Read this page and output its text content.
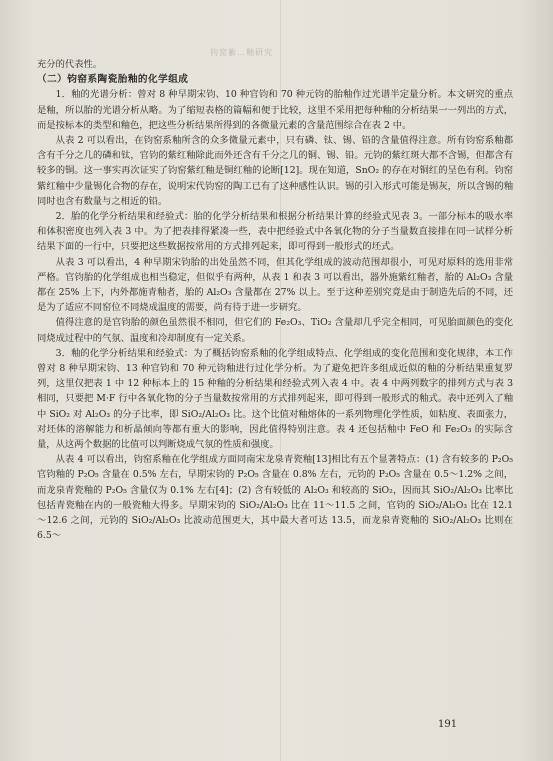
钧窑紫…釉研究

充分的代表性。

（二）钧窑系陶瓷胎釉的化学组成

1．釉的光谱分析：曾对 8 种早期宋钧、10 种官钧和 70 种元钧的胎釉作过光谱半定量分析。本文研究的重点是釉，所以胎的光谱分析从略。为了缩短表格的篇幅和便于比较，这里不采用把每种釉的分析结果一一列出的方式，而是按标本的类型和釉色，把这些分析结果所得到的各微量元素的含量范围综合在表 2 中。

从表 2 可以看出，在钧窑系釉所含的众多微量元素中，只有磷、钛、锡、铅的含量值得注意。所有钧窑系釉都含有千分之几的磷和钛，官钧的紫红釉除此而外还含有千分之几的铜、锡、铅。元钧的紫红斑大都不含锡，但都含有较多的铜。这一事实再次证实了钧窑紫红釉是铜红釉的论断[12]。现在知道，SnO₂ 的存在对铜红的呈色有利。钧窑紫红釉中少量锡化合物的存在，说明宋代钧窑的陶工已有了这种感性认识。锡的引入形式可能是锡灰，所以含锡的釉同时也含有数量与之相近的铅。

2．胎的化学分析结果和经验式：胎的化学分析结果和根据分析结果计算的经验式见表 3。一部分标本的吸水率和体积密度也列入表 3 中。为了把表排得紧凑一些，表中把经验式中各氧化物的分子当量数直接排在同一试样分析结果下面的一行中，只要把这些数据按常用的方式排列起来，即可得到一般形式的坯式。

从表 3 可以看出，4 种早期宋钧胎的出处虽然不同，但其化学组成的波动范围却很小，可见对原料的选用非常严格。官钧胎的化学组成也相当稳定，但似乎有两种，从表 1 和表 3 可以看出，器外施紫红釉者，胎的 Al₂O₃ 含量都在 25% 上下，内外都施青釉者，胎的 Al₂O₃ 含量都在 27% 以上。至于这种差别究竟是由于制造先后的不同，还是为了适应不同窑位不同烧成温度的需要，尚有待于进一步研究。

值得注意的是官钧胎的颜色虽然很不相同，但它们的 Fe₂O₃、TiO₂ 含量却几乎完全相同，可见胎面颜色的变化同烧成过程中的气氛、温度和冷却制度有一定关系。

3．釉的化学分析结果和经验式：为了概括钧窑系釉的化学组成特点、化学组成的变化范围和变化规律，本工作曾对 8 种早期宋钧、13 种官钧和 70 种元钧釉进行过化学分析。为了避免把许多组成近似的釉的分析结果重复罗列，这里仅把表 1 中 12 种标本上的 15 种釉的分析结果和经验式列入表 4 中。表 4 中两列数字的排列方式与表 3 相同，只要把 M·F 行中各氧化物的分子当量数按常用的方式排列起来，即可得到一般形式的釉式。表中还列入了釉中 SiO₂ 对 Al₂O₃ 的分子比率，即 SiO₂/Al₂O₃ 比。这个比值对釉熔体的一系列物理化学性质，如粘度、表面张力，对坯体的溶解能力和析晶倾向等都有重大的影响，因此值得特别注意。表 4 还包括釉中 FeO 和 Fe₂O₃ 的实际含量，从这两个数据的比值可以判断烧成气氛的性质和强度。

从表 4 可以看出，钧窑系釉在化学组成方面同南宋龙泉青瓷釉[13]相比有五个显著特点：(1) 含有较多的 P₂O₅ 官钧釉的 P₂O₅ 含量在 0.5% 左右，早期宋钧的 P₂O₅ 含量在 0.8% 左右，元钧的 P₂O₅ 含量在 0.5～1.2% 之间，而龙泉青瓷釉的 P₂O₅ 含量仅为 0.1% 左右[4]；(2) 含有较低的 Al₂O₃ 和较高的 SiO₂，因而其 SiO₂/Al₂O₃ 比率比包括青瓷釉在内的一般瓷釉大得多。早期宋钧的 SiO₂/Al₂O₃ 比在 11～11.5 之间，官钧的 SiO₂/Al₂O₃ 比在 12.1～12.6 之间，元钧的 SiO₂/Al₂O₃ 比波动范围更大，其中最大者可达 13.5，而龙泉青瓷釉的 SiO₂/Al₂O₃ 比则在 6.5～

191
